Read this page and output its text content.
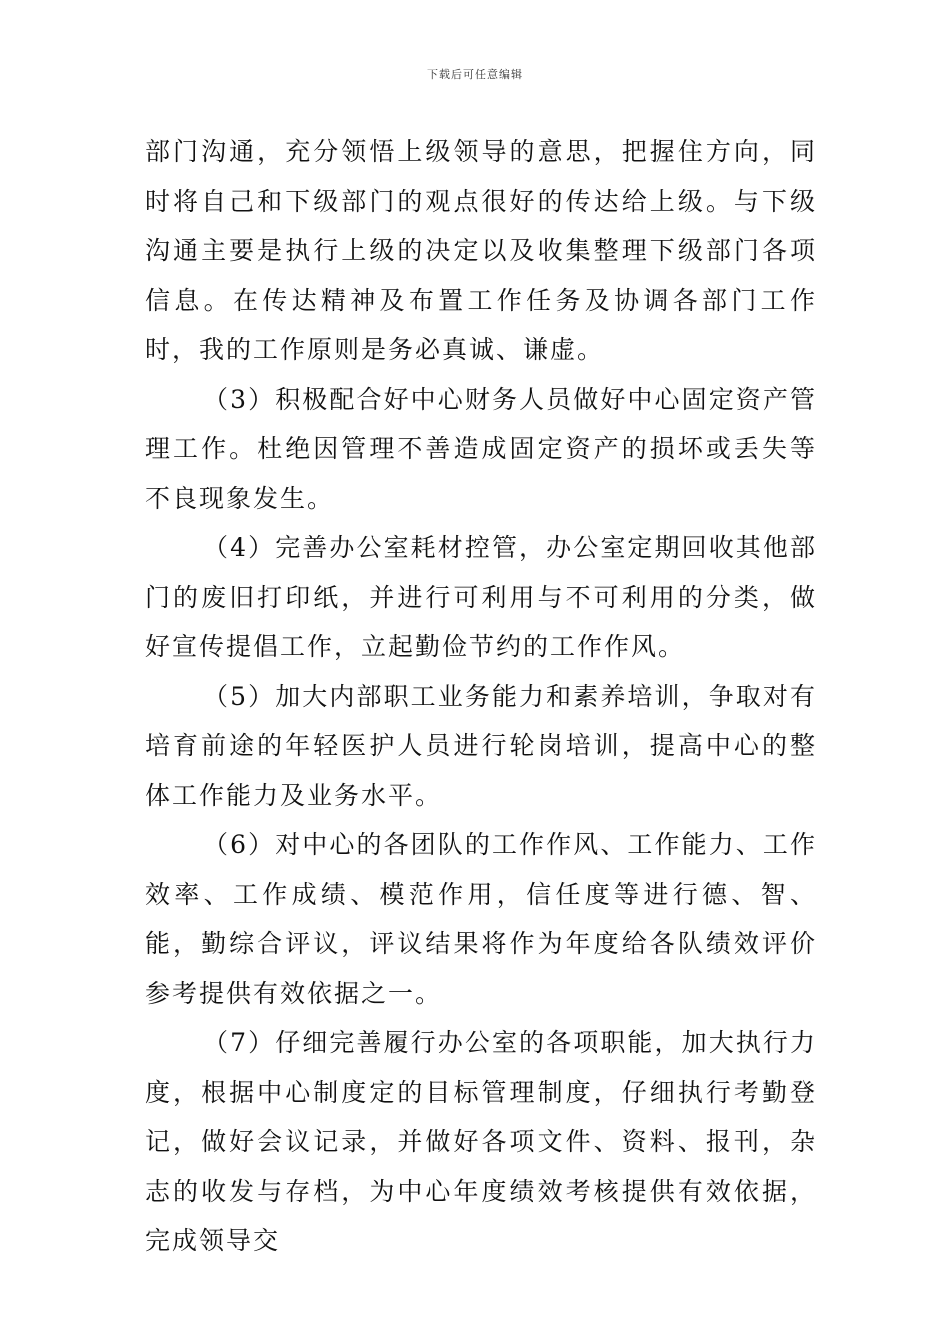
下载后可任意编辑

部门沟通，充分领悟上级领导的意思，把握住方向，同时将自己和下级部门的观点很好的传达给上级。与下级沟通主要是执行上级的决定以及收集整理下级部门各项信息。在传达精神及布置工作任务及协调各部门工作时，我的工作原则是务必真诚、谦虚。

（3）积极配合好中心财务人员做好中心固定资产管理工作。杜绝因管理不善造成固定资产的损坏或丢失等不良现象发生。

（4）完善办公室耗材控管，办公室定期回收其他部门的废旧打印纸，并进行可利用与不可利用的分类，做好宣传提倡工作，立起勤俭节约的工作作风。

（5）加大内部职工业务能力和素养培训，争取对有培育前途的年轻医护人员进行轮岗培训，提高中心的整体工作能力及业务水平。

（6）对中心的各团队的工作作风、工作能力、工作效率、工作成绩、模范作用，信任度等进行德、智、能，勤综合评议，评议结果将作为年度给各队绩效评价参考提供有效依据之一。

（7）仔细完善履行办公室的各项职能，加大执行力度，根据中心制度定的目标管理制度，仔细执行考勤登记，做好会议记录，并做好各项文件、资料、报刊，杂志的收发与存档，为中心年度绩效考核提供有效依据，完成领导交
